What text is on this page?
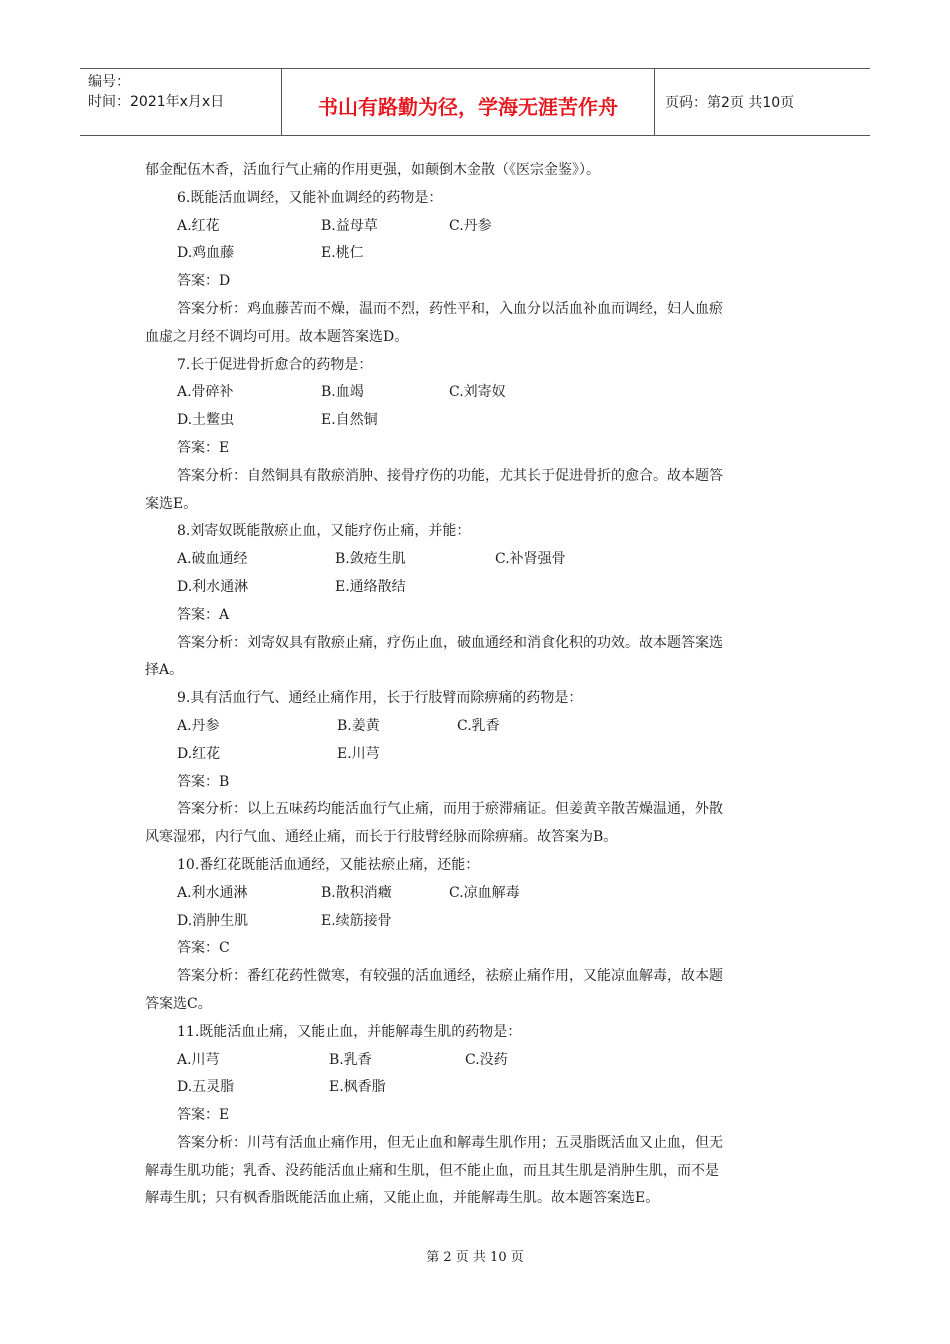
编号：
时间：2021年x月x日	书山有路勤为径，学海无涯苦作舟	页码：第2页 共10页
郁金配伍木香，活血行气止痛的作用更强，如颠倒木金散（《医宗金鉴》）。
6.既能活血调经，又能补血调经的药物是：
A.红花	B.益母草	C.丹参
D.鸡血藤	E.桃仁
答案：D
答案分析：鸡血藤苦而不燥，温而不烈，药性平和，入血分以活血补血而调经，妇人血瘀
血虚之月经不调均可用。故本题答案选D。
7.长于促进骨折愈合的药物是：
A.骨碎补	B.血竭	C.刘寄奴
D.土鳖虫	E.自然铜
答案：E
答案分析：自然铜具有散瘀消肿、接骨疗伤的功能，尤其长于促进骨折的愈合。故本题答
案选E。
8.刘寄奴既能散瘀止血，又能疗伤止痛，并能：
A.破血通经	B.敛疮生肌	C.补肾强骨
D.利水通淋	E.通络散结
答案：A
答案分析：刘寄奴具有散瘀止痛，疗伤止血，破血通经和消食化积的功效。故本题答案选
择A。
9.具有活血行气、通经止痛作用，长于行肢臂而除痹痛的药物是：
A.丹参	B.姜黄	C.乳香
D.红花	E.川芎
答案：B
答案分析：以上五味药均能活血行气止痛，而用于瘀滞痛证。但姜黄辛散苦燥温通，外散
风寒湿邪，内行气血、通经止痛，而长于行肢臂经脉而除痹痛。故答案为B。
10.番红花既能活血通经，又能祛瘀止痛，还能：
A.利水通淋	B.散积消癥	C.凉血解毒
D.消肿生肌	E.续筋接骨
答案：C
答案分析：番红花药性微寒，有较强的活血通经，祛瘀止痛作用，又能凉血解毒，故本题
答案选C。
11.既能活血止痛，又能止血，并能解毒生肌的药物是：
A.川芎	B.乳香	C.没药
D.五灵脂	E.枫香脂
答案：E
答案分析：川芎有活血止痛作用，但无止血和解毒生肌作用；五灵脂既活血又止血，但无
解毒生肌功能；乳香、没药能活血止痛和生肌，但不能止血，而且其生肌是消肿生肌，而不是
解毒生肌；只有枫香脂既能活血止痛，又能止血，并能解毒生肌。故本题答案选E。
第 2 页 共 10 页
